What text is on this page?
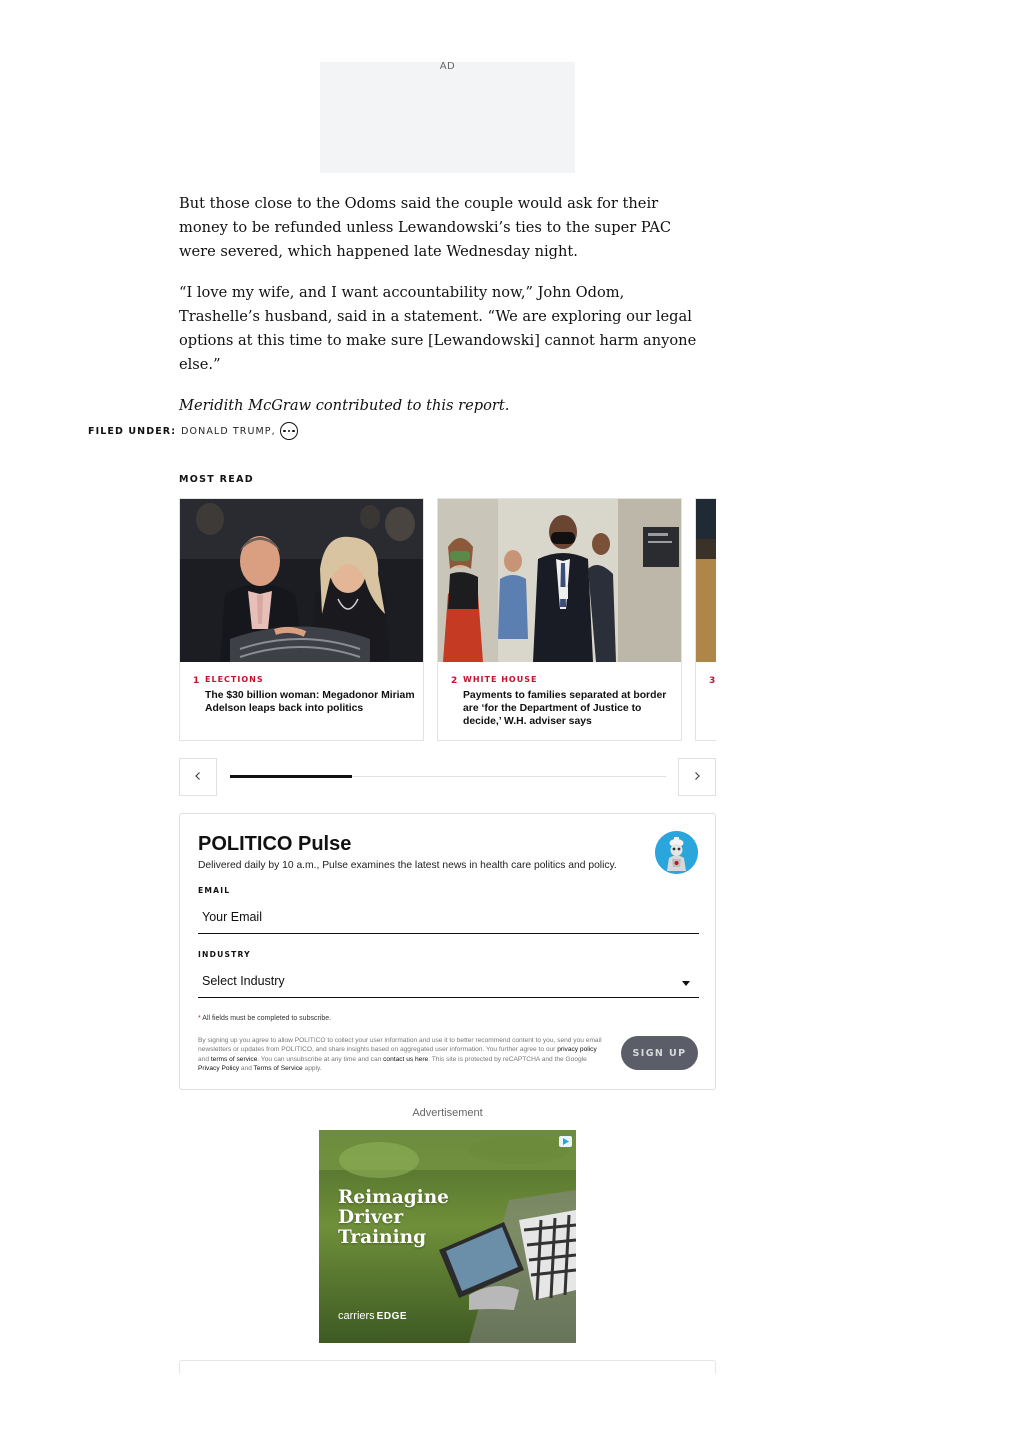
AD

But those close to the Odoms said the couple would ask for their money to be refunded unless Lewandowski’s ties to the super PAC were severed, which happened late Wednesday night.

“I love my wife, and I want accountability now,” John Odom, Trashelle’s husband, said in a statement. “We are exploring our legal options at this time to make sure [Lewandowski] cannot harm anyone else.”

Meridith McGraw contributed to this report.

FILED UNDER: DONALD TRUMP,
MOST READ
1 ELECTIONS
The $30 billion woman: Megadonor Miriam Adelson leaps back into politics
2 WHITE HOUSE
Payments to families separated at border are ‘for the Department of Justice to decide,’ W.H. adviser says
3
POLITICO Pulse
Delivered daily by 10 a.m., Pulse examines the latest news in health care politics and policy.
EMAIL
Your Email
INDUSTRY
Select Industry
* All fields must be completed to subscribe.
By signing up you agree to allow POLITICO to collect your user information and use it to better recommend content to you, send you email newsletters or updates from POLITICO, and share insights based on aggregated user information. You further agree to our privacy policy and terms of service. You can unsubscribe at any time and can contact us here. This site is protected by reCAPTCHA and the Google Privacy Policy and Terms of Service apply.
SIGN UP
Advertisement
Reimagine
Driver
Training
carriers EDGE
